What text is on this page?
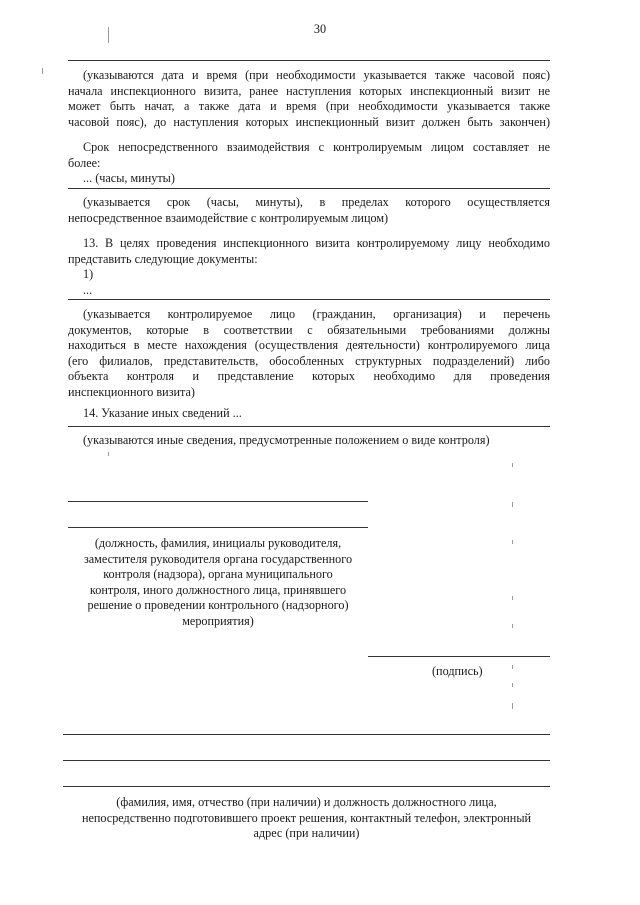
30
(указываются дата и время (при необходимости указывается также часовой пояс)
начала инспекционного визита, ранее наступления которых инспекционный визит не
может быть начат, а также дата и время (при необходимости указывается также
часовой пояс), до наступления которых инспекционный визит должен быть закончен)
Срок непосредственного взаимодействия с контролируемым лицом составляет не
более:
... (часы, минуты)
(указывается срок (часы, минуты), в пределах которого осуществляется
непосредственное взаимодействие с контролируемым лицом)
13. В целях проведения инспекционного визита контролируемому лицу необходимо
представить следующие документы:
1)
...
(указывается контролируемое лицо (гражданин, организация) и перечень
документов, которые в соответствии с обязательными требованиями должны
находиться в месте нахождения (осуществления деятельности) контролируемого лица
(его филиалов, представительств, обособленных структурных подразделений) либо
объекта контроля и представление которых необходимо для проведения
инспекционного визита)
14. Указание иных сведений ...
(указываются иные сведения, предусмотренные положением о виде контроля)
(должность, фамилия, инициалы руководителя,
заместителя руководителя органа государственного
контроля (надзора), органа муниципального
контроля, иного должностного лица, принявшего
решение о проведении контрольного (надзорного)
мероприятия)
(подпись)
(фамилия, имя, отчество (при наличии) и должность должностного лица,
непосредственно подготовившего проект решения, контактный телефон, электронный
адрес (при наличии)
